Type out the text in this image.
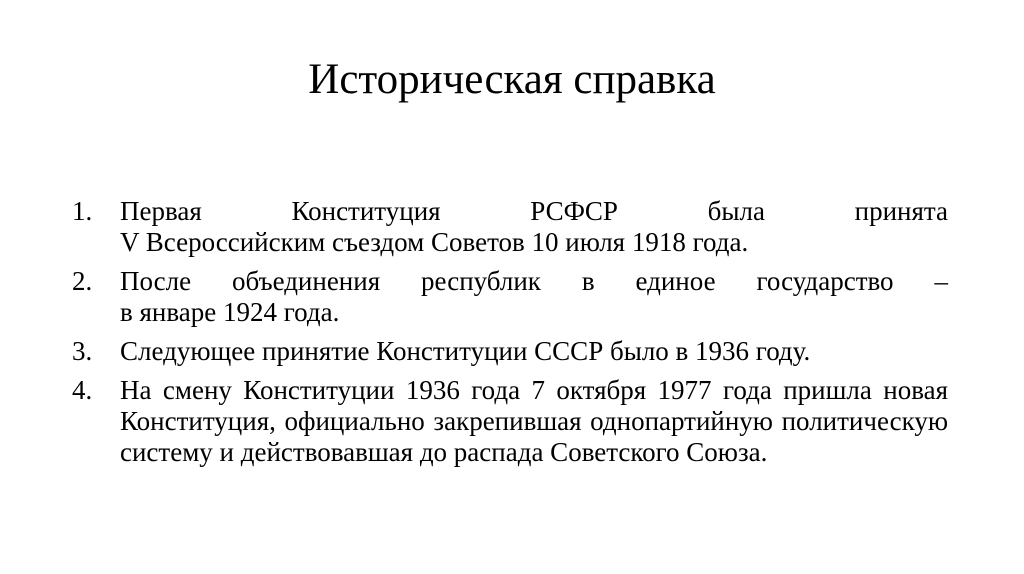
Историческая справка
1.	Первая Конституция РСФСР была принята
V Всероссийским съездом Советов 10 июля 1918 года.
2.	После объединения республик в единое государство –
в январе 1924 года.
3.	Следующее принятие Конституции СССР было в 1936 году.
4.	На смену Конституции 1936 года 7 октября 1977 года пришла новая Конституция, официально закрепившая однопартийную политическую систему и действовавшая до распада Советского Союза.
